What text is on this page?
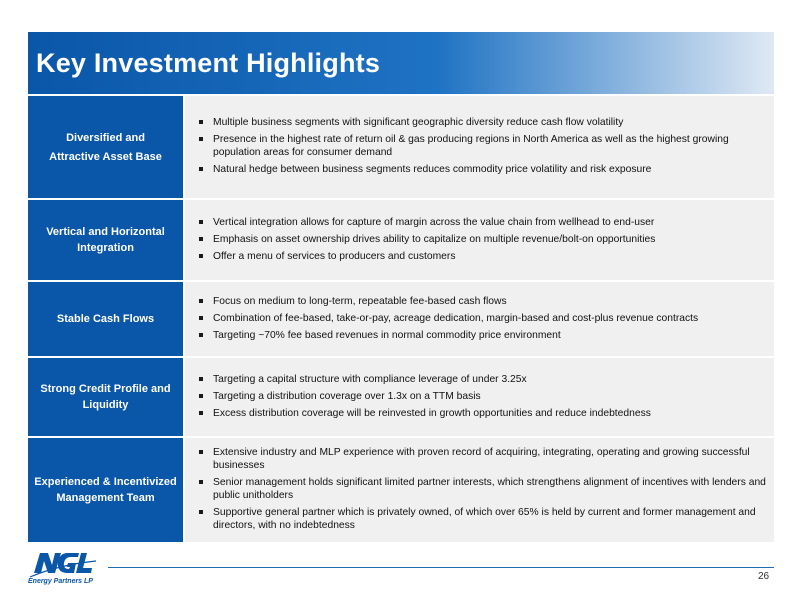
Key Investment Highlights
Diversified and
Attractive Asset Base
Multiple business segments with significant geographic diversity reduce cash flow volatility
Presence in the highest rate of return oil & gas producing regions in North America as well as the highest growing population areas for consumer demand
Natural hedge between business segments reduces commodity price volatility and risk exposure
Vertical and Horizontal
Integration
Vertical integration allows for capture of margin across the value chain from wellhead to end-user
Emphasis on asset ownership drives ability to capitalize on multiple revenue/bolt-on opportunities
Offer a menu of services to producers and customers
Stable Cash Flows
Focus on medium to long-term, repeatable fee-based cash flows
Combination of fee-based, take-or-pay, acreage dedication, margin-based and cost-plus revenue contracts
Targeting ~70% fee based revenues in normal commodity price environment
Strong Credit Profile and
Liquidity
Targeting a capital structure with compliance leverage of under 3.25x
Targeting a distribution coverage over 1.3x on a TTM basis
Excess distribution coverage will be reinvested in growth opportunities and reduce indebtedness
Experienced & Incentivized
Management Team
Extensive industry and MLP experience with proven record of acquiring, integrating, operating and growing successful businesses
Senior management holds significant limited partner interests, which strengthens alignment of incentives with lenders and public unitholders
Supportive general partner which is privately owned, of which over 65% is held by current and former management and directors, with no indebtedness
Energy Partners LP	26
